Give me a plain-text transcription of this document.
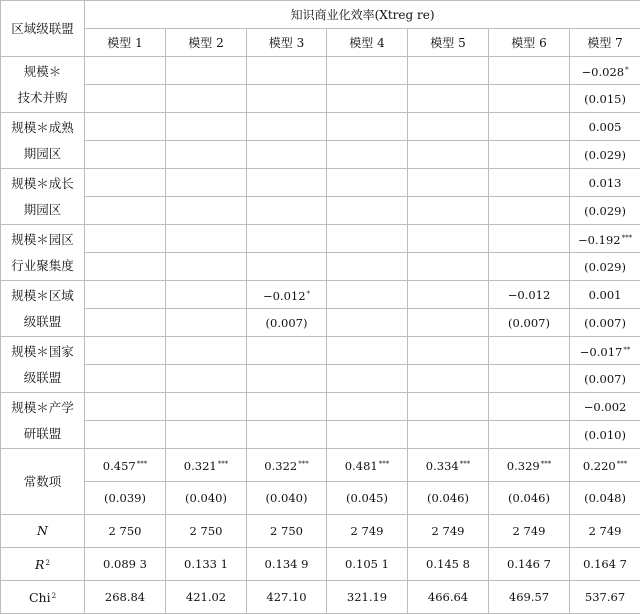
区域级联盟	知识商业化效率(Xtreg re)						
	模型 1	模型 2	模型 3	模型 4	模型 5	模型 6	模型 7

规模＊
技术并购							−0.028*
							(0.015)

规模＊成熟
期园区							0.005
							(0.029)

规模＊成长
期园区							0.013
							(0.029)

规模＊园区
行业聚集度							−0.192***
							(0.029)

规模＊区域
级联盟			−0.012*			−0.012	0.001
			(0.007)			(0.007)	(0.007)

规模＊国家
级联盟							−0.017**
							(0.007)

规模＊产学
研联盟							−0.002
							(0.010)

常数项	0.457***	0.321***	0.322***	0.481***	0.334***	0.329***	0.220***
	(0.039)	(0.040)	(0.040)	(0.045)	(0.046)	(0.046)	(0.048)
N	2 750	2 750	2 750	2 749	2 749	2 749	2 749
$R^2$	0.089 3	0.133 1	0.134 9	0.105 1	0.145 8	0.146 7	0.164 7
Chi$^2$	268.84	421.02	427.10	321.19	466.64	469.57	537.67
